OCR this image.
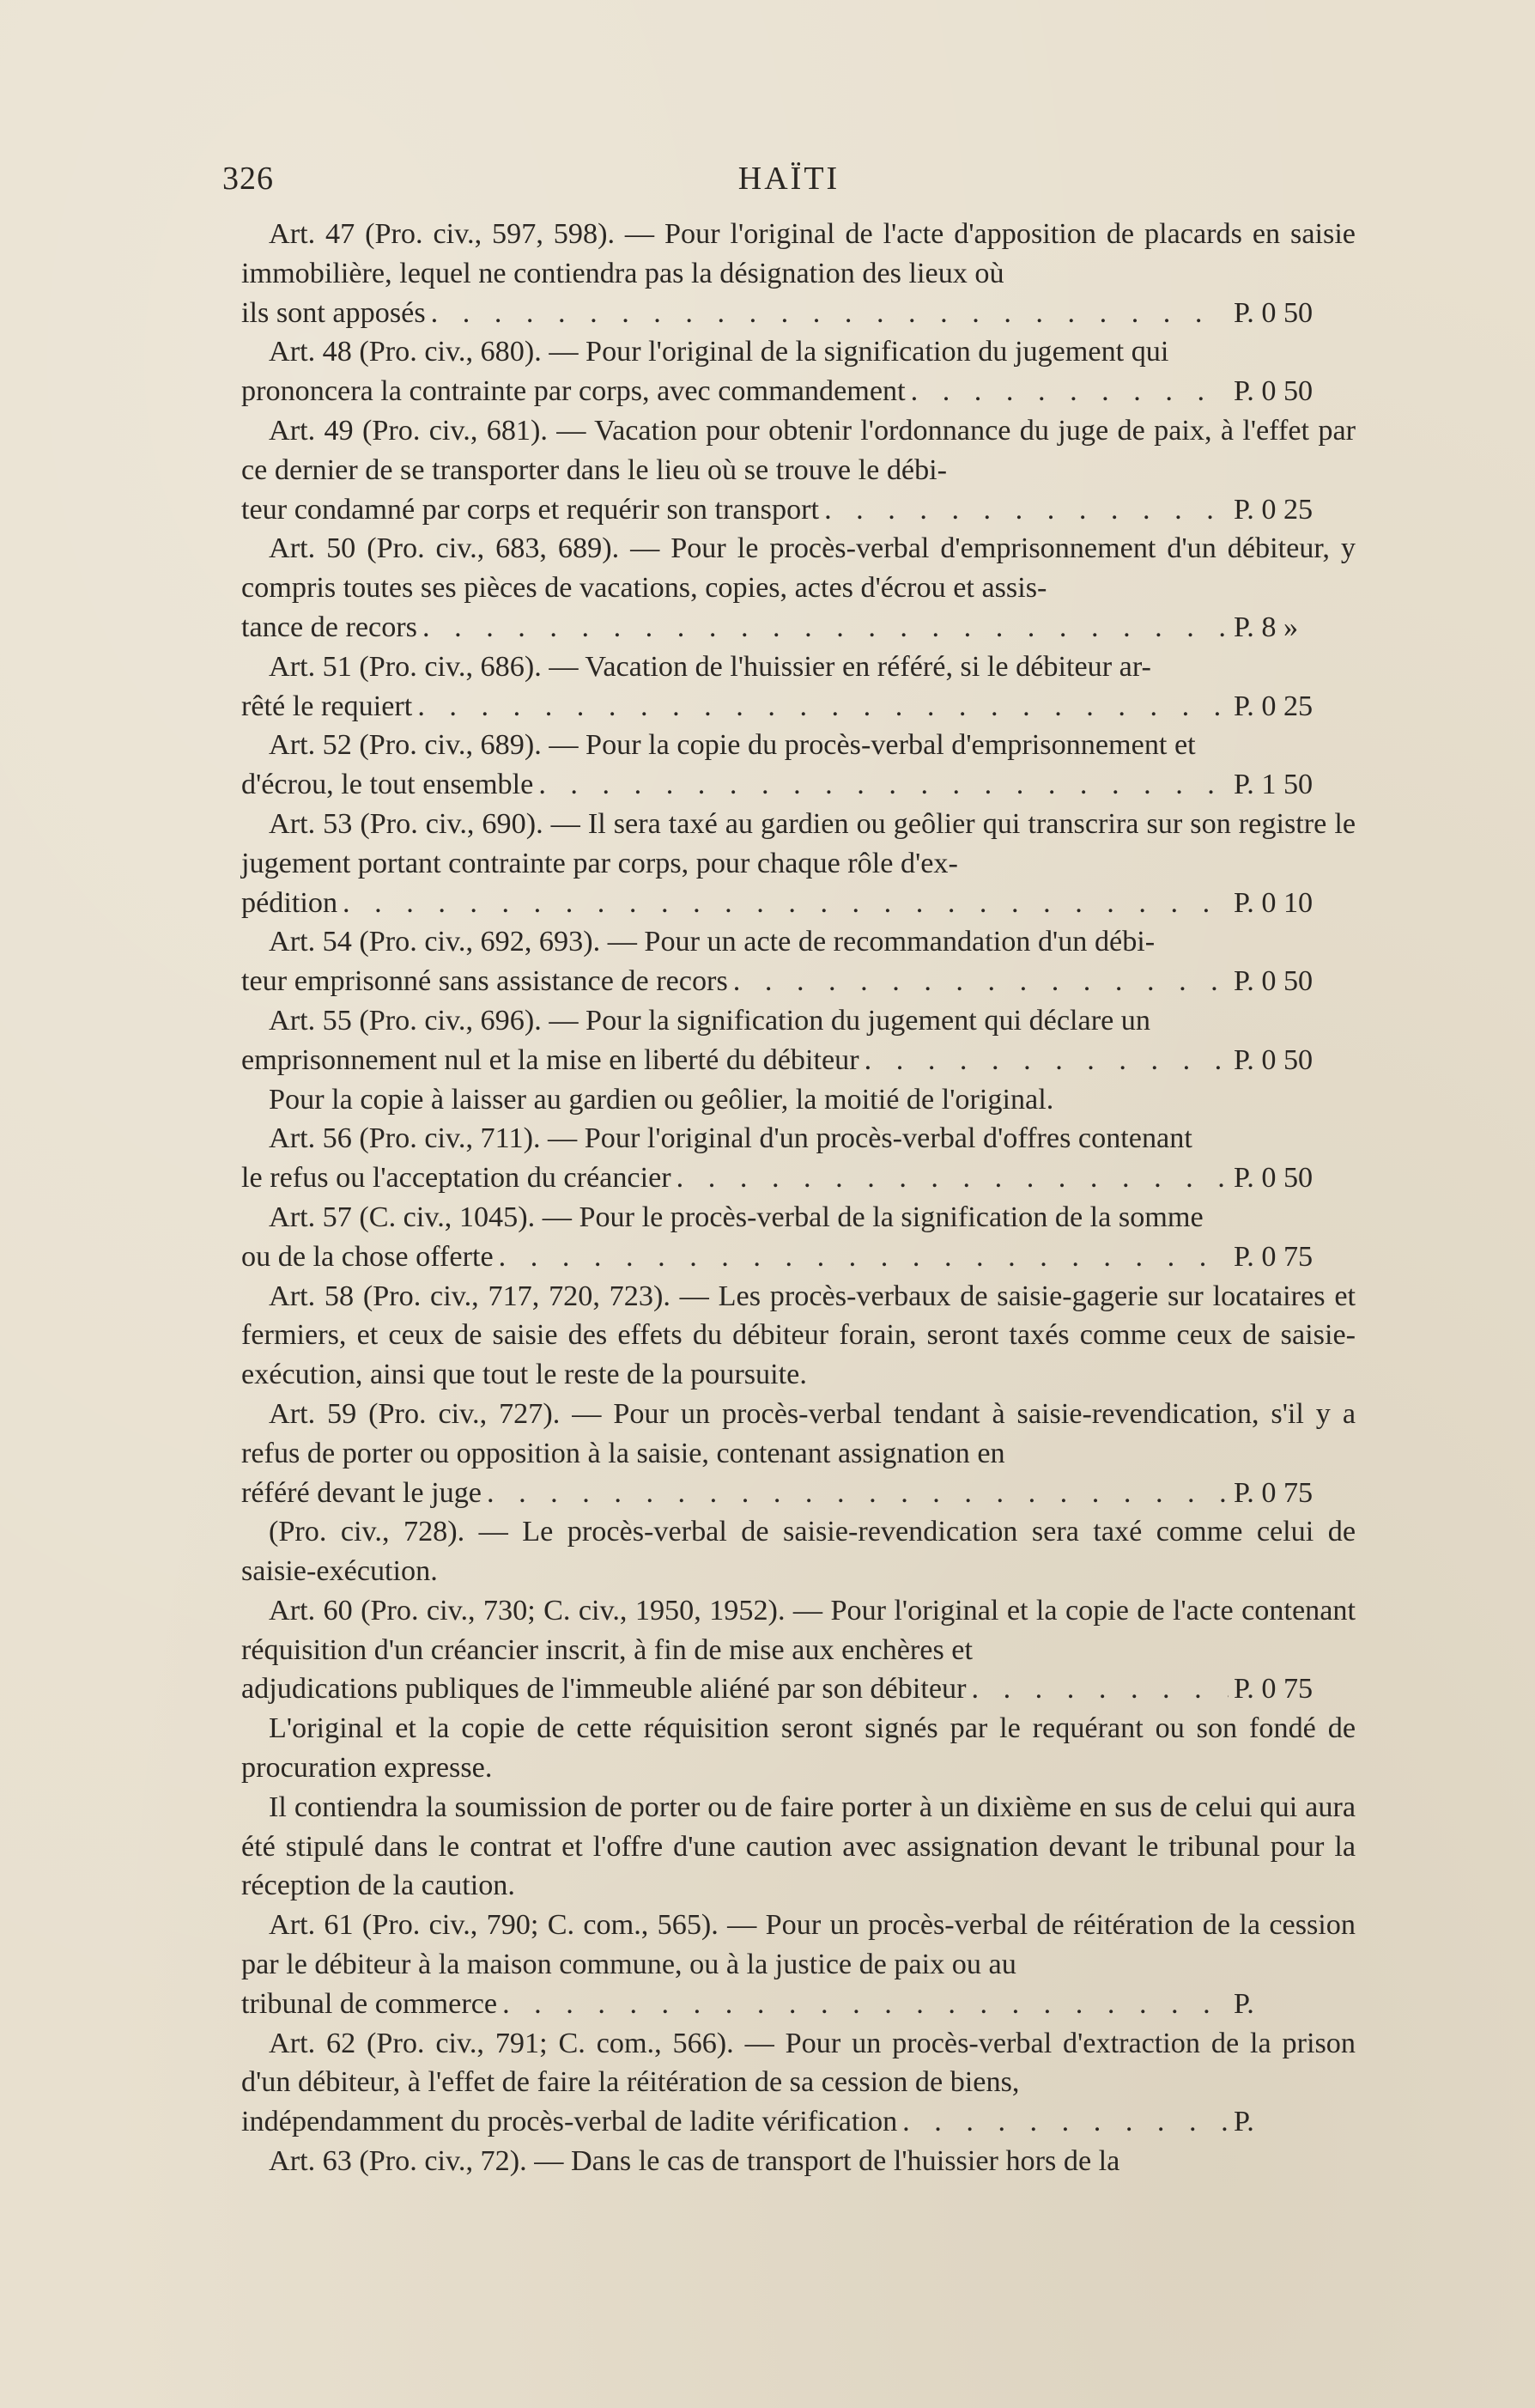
326	HAÏTI

Art. 47 (Pro. civ., 597, 598). — Pour l'original de l'acte d'apposition de placards en saisie immobilière, lequel ne contiendra pas la désignation des lieux où

ils sont apposés . . .	P. 0 50

Art. 48 (Pro. civ., 680). — Pour l'original de la signification du jugement qui

prononcera la contrainte par corps, avec commandement . . .	P. 0 50

Art. 49 (Pro. civ., 681). — Vacation pour obtenir l'ordonnance du juge de paix, à l'effet par ce dernier de se transporter dans le lieu où se trouve le débi-

teur condamné par corps et requérir son transport . . .	P. 0 25

Art. 50 (Pro. civ., 683, 689). — Pour le procès-verbal d'emprisonnement d'un débiteur, y compris toutes ses pièces de vacations, copies, actes d'écrou et assis-

tance de recors . . .	P. 8 »

Art. 51 (Pro. civ., 686). — Vacation de l'huissier en référé, si le débiteur ar-

rêté le requiert . . .	P. 0 25

Art. 52 (Pro. civ., 689). — Pour la copie du procès-verbal d'emprisonnement et

d'écrou, le tout ensemble . . .	P. 1 50

Art. 53 (Pro. civ., 690). — Il sera taxé au gardien ou geôlier qui transcrira sur son registre le jugement portant contrainte par corps, pour chaque rôle d'ex-

pédition . . .	P. 0 10

Art. 54 (Pro. civ., 692, 693). — Pour un acte de recommandation d'un débi-

teur emprisonné sans assistance de recors . . .	P. 0 50

Art. 55 (Pro. civ., 696). — Pour la signification du jugement qui déclare un

emprisonnement nul et la mise en liberté du débiteur . . .	P. 0 50

Pour la copie à laisser au gardien ou geôlier, la moitié de l'original.

Art. 56 (Pro. civ., 711). — Pour l'original d'un procès-verbal d'offres contenant

le refus ou l'acceptation du créancier . . .	P. 0 50

Art. 57 (C. civ., 1045). — Pour le procès-verbal de la signification de la somme

ou de la chose offerte . . .	P. 0 75

Art. 58 (Pro. civ., 717, 720, 723). — Les procès-verbaux de saisie-gagerie sur locataires et fermiers, et ceux de saisie des effets du débiteur forain, seront taxés comme ceux de saisie-exécution, ainsi que tout le reste de la poursuite.

Art. 59 (Pro. civ., 727). — Pour un procès-verbal tendant à saisie-revendication, s'il y a refus de porter ou opposition à la saisie, contenant assignation en

référé devant le juge . . .	P. 0 75

(Pro. civ., 728). — Le procès-verbal de saisie-revendication sera taxé comme celui de saisie-exécution.

Art. 60 (Pro. civ., 730; C. civ., 1950, 1952). — Pour l'original et la copie de l'acte contenant réquisition d'un créancier inscrit, à fin de mise aux enchères et

adjudications publiques de l'immeuble aliéné par son débiteur . . .	P. 0 75

L'original et la copie de cette réquisition seront signés par le requérant ou son fondé de procuration expresse.

Il contiendra la soumission de porter ou de faire porter à un dixième en sus de celui qui aura été stipulé dans le contrat et l'offre d'une caution avec assignation devant le tribunal pour la réception de la caution.

Art. 61 (Pro. civ., 790; C. com., 565). — Pour un procès-verbal de réitération de la cession par le débiteur à la maison commune, ou à la justice de paix ou au

tribunal de commerce . . .	P.

Art. 62 (Pro. civ., 791; C. com., 566). — Pour un procès-verbal d'extraction de la prison d'un débiteur, à l'effet de faire la réitération de sa cession de biens,

indépendamment du procès-verbal de ladite vérification . . .	P.

Art. 63 (Pro. civ., 72). — Dans le cas de transport de l'huissier hors de la
